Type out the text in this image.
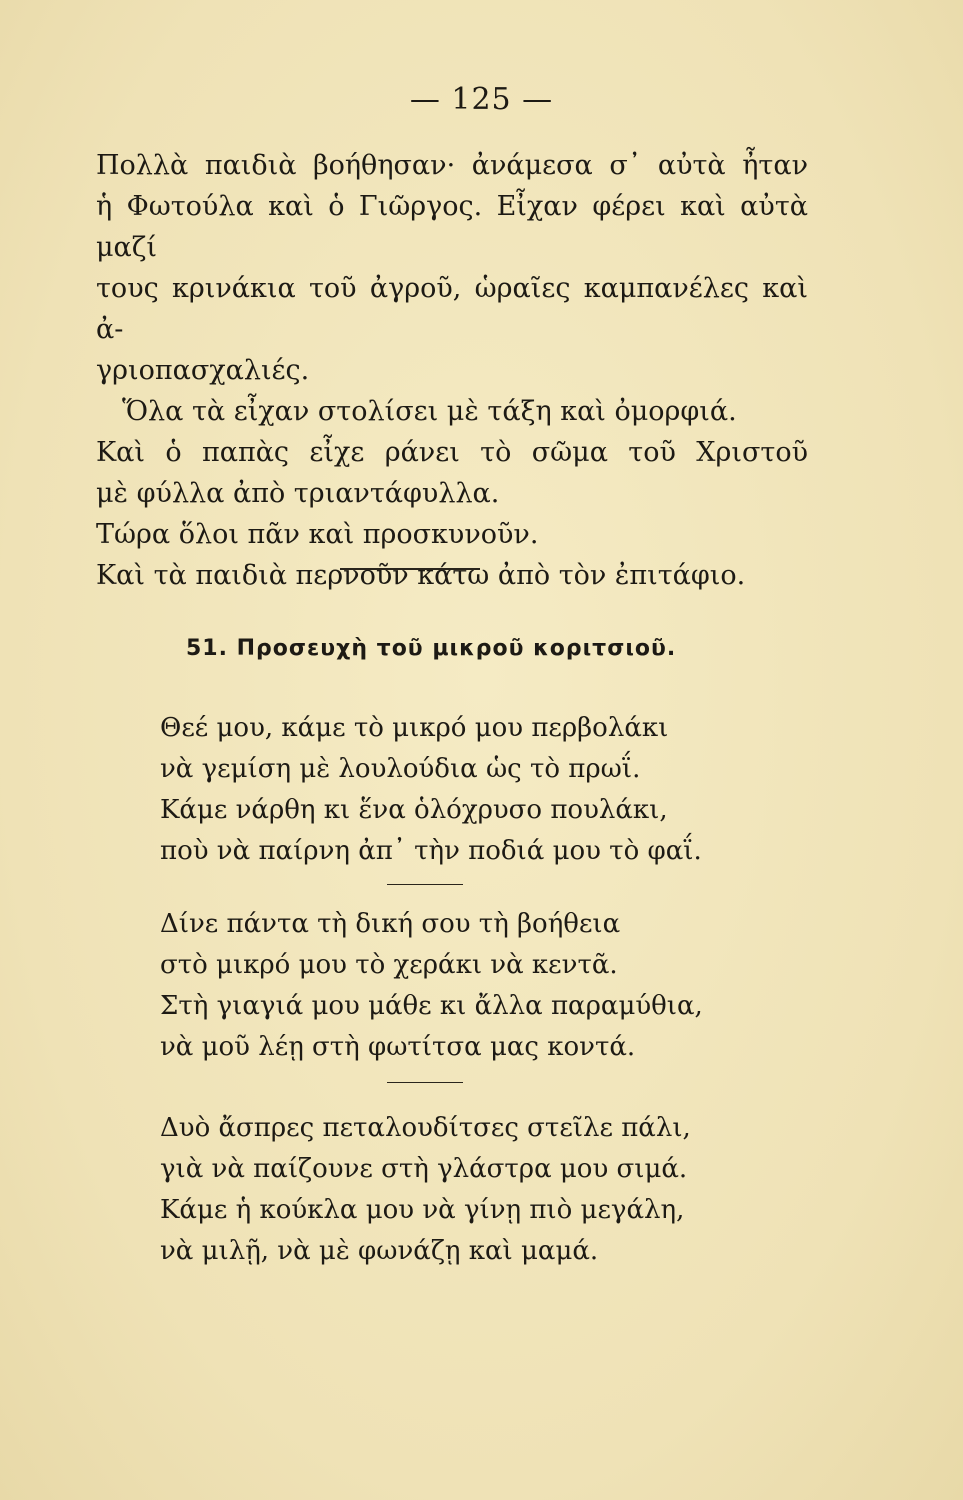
— 125 —

Πολλὰ παιδιὰ βοήθησαν· ἀνάμεσα σ᾽ αὐτὰ ἦταν

ἡ Φωτούλα καὶ ὁ Γιῶργος. Εἶχαν φέρει καὶ αὐτὰ μαζί

τους κρινάκια τοῦ ἀγροῦ, ὡραῖες καμπανέλες καὶ ἀ-

γριοπασχαλιές.

Ὅλα τὰ εἶχαν στολίσει μὲ τάξη καὶ ὀμορφιά.

Καὶ ὁ παπὰς εἶχε ράνει τὸ σῶμα τοῦ Χριστοῦ

μὲ φύλλα ἀπὸ τριαντάφυλλα.

Τώρα ὅλοι πᾶν καὶ προσκυνοῦν.

Καὶ τὰ παιδιὰ περνοῦν κάτω ἀπὸ τὸν ἐπιτάφιο.

51. Προσευχὴ τοῦ μικροῦ κοριτσιοῦ.
Θεέ μου, κάμε τὸ μικρό μου περβολάκι
νὰ γεμίση μὲ λουλούδια ὡς τὸ πρωΐ.
Κάμε νάρθη κι ἕνα ὁλόχρυσο πουλάκι,
ποὺ νὰ παίρνη ἀπ᾽ τὴν ποδιά μου τὸ φαΐ.
Δίνε πάντα τὴ δική σου τὴ βοήθεια
στὸ μικρό μου τὸ χεράκι νὰ κεντᾶ.
Στὴ γιαγιά μου μάθε κι ἄλλα παραμύθια,
νὰ μοῦ λέῃ στὴ φωτίτσα μας κοντά.
Δυὸ ἄσπρες πεταλουδίτσες στεῖλε πάλι,
γιὰ νὰ παίζουνε στὴ γλάστρα μου σιμά.
Κάμε ἡ κούκλα μου νὰ γίνῃ πιὸ μεγάλη,
νὰ μιλῇ, νὰ μὲ φωνάζῃ καὶ μαμά.
